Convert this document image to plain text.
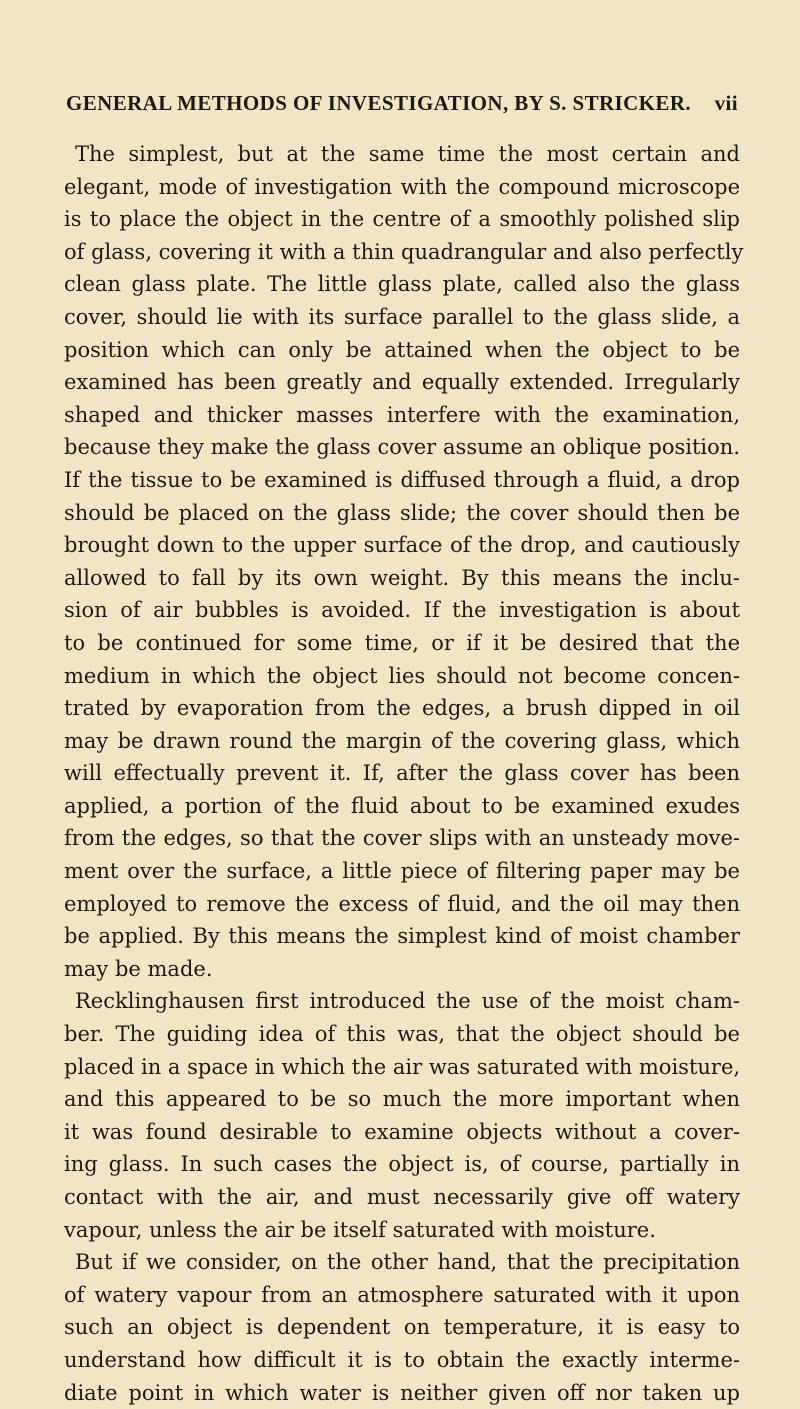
GENERAL METHODS OF INVESTIGATION, BY S. STRICKER. vii
The simplest, but at the same time the most certain and
elegant, mode of investigation with the compound microscope
is to place the object in the centre of a smoothly polished slip
of glass, covering it with a thin quadrangular and also perfectly
clean glass plate. The little glass plate, called also the glass
cover, should lie with its surface parallel to the glass slide, a
position which can only be attained when the object to be
examined has been greatly and equally extended. Irregularly
shaped and thicker masses interfere with the examination,
because they make the glass cover assume an oblique position.
If the tissue to be examined is diffused through a fluid, a drop
should be placed on the glass slide; the cover should then be
brought down to the upper surface of the drop, and cautiously
allowed to fall by its own weight. By this means the inclu-
sion of air bubbles is avoided. If the investigation is about
to be continued for some time, or if it be desired that the
medium in which the object lies should not become concen-
trated by evaporation from the edges, a brush dipped in oil
may be drawn round the margin of the covering glass, which
will effectually prevent it. If, after the glass cover has been
applied, a portion of the fluid about to be examined exudes
from the edges, so that the cover slips with an unsteady move-
ment over the surface, a little piece of filtering paper may be
employed to remove the excess of fluid, and the oil may then
be applied. By this means the simplest kind of moist chamber
may be made.
Recklinghausen first introduced the use of the moist cham-
ber. The guiding idea of this was, that the object should be
placed in a space in which the air was saturated with moisture,
and this appeared to be so much the more important when
it was found desirable to examine objects without a cover-
ing glass. In such cases the object is, of course, partially in
contact with the air, and must necessarily give off watery
vapour, unless the air be itself saturated with moisture.
But if we consider, on the other hand, that the precipitation
of watery vapour from an atmosphere saturated with it upon
such an object is dependent on temperature, it is easy to
understand how difficult it is to obtain the exactly interme-
diate point in which water is neither given off nor taken up
